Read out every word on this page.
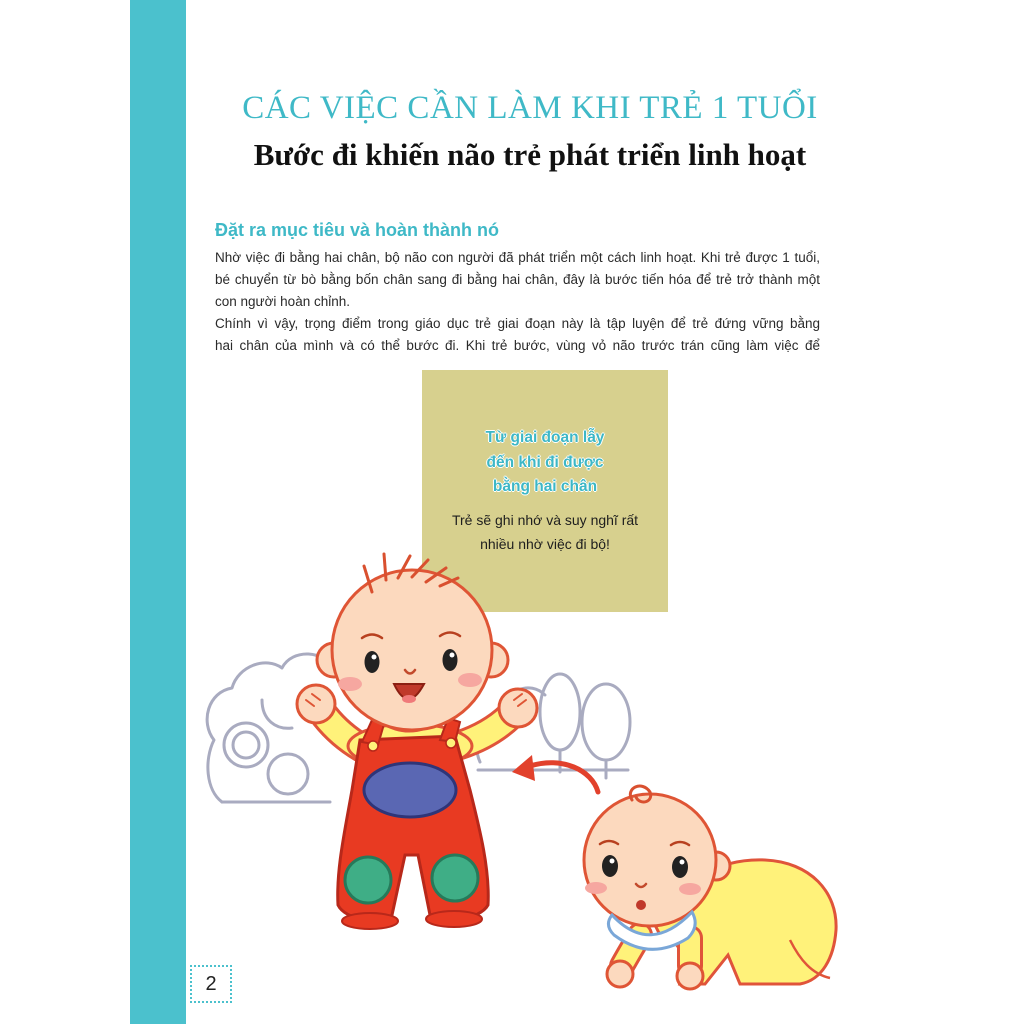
CÁC VIỆC CẦN LÀM KHI TRẺ 1 TUỔI
Bước đi khiến não trẻ phát triển linh hoạt
Đặt ra mục tiêu và hoàn thành nó
Nhờ việc đi bằng hai chân, bộ não con người đã phát triển một cách linh hoạt. Khi trẻ được 1 tuổi,
bé chuyển từ bò bằng bốn chân sang đi bằng hai chân, đây là bước tiến hóa để trẻ trở thành một
con người hoàn chỉnh.
Chính vì vậy, trọng điểm trong giáo dục trẻ giai đoạn này là tập luyện để trẻ đứng vững bằng
hai chân của mình và có thể bước đi. Khi trẻ bước, vùng vỏ não trước trán cũng làm việc để
Từ giai đoạn lẫy
đến khi đi được
bằng hai chân
Trẻ sẽ ghi nhớ và suy nghĩ rất
nhiều nhờ việc đi bộ!
2
